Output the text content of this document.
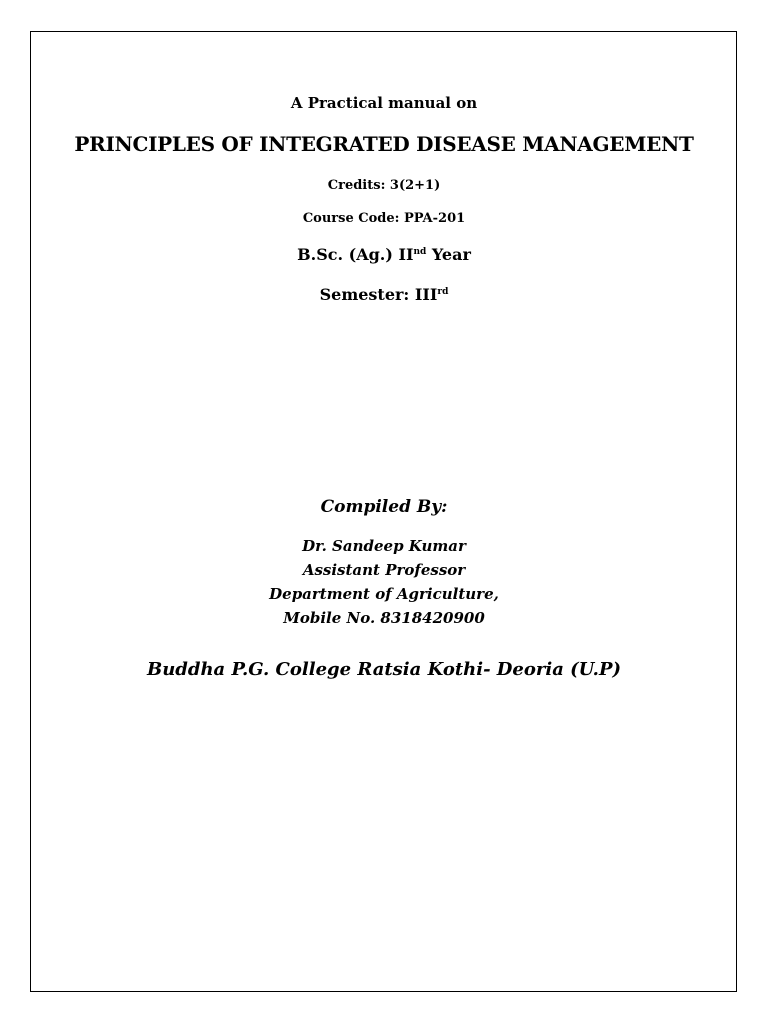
A Practical manual on
PRINCIPLES OF INTEGRATED DISEASE MANAGEMENT
Credits: 3(2+1)
Course Code: PPA-201
B.Sc. (Ag.) IInd Year
Semester: IIIrd
Compiled By:
Dr. Sandeep Kumar
Assistant Professor
Department of Agriculture,
Mobile No. 8318420900
Buddha P.G. College Ratsia Kothi- Deoria (U.P)
